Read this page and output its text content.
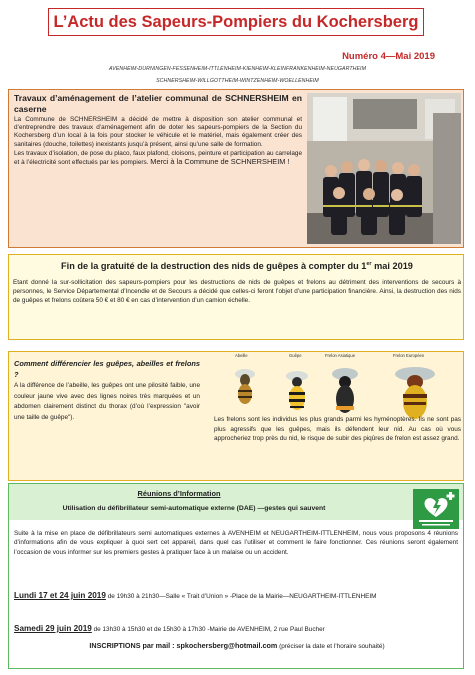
L’Actu des Sapeurs-Pompiers du Kochersberg
Numéro 4—Mai 2019
AVENHEIM-DURNINGEN-FESSENHEIM-ITTLENHEIM-KIENHEIM-KLEINFRANKENHEIM-NEUGARTHEIM
SCHNERSHEIM-WILLGOTTHEIM-WINTZENHEIM-WOELLENHEIM
Travaux d’aménagement de l’atelier communal de SCHNERSHEIM en caserne

La Commune de SCHNERSHEIM a décidé de mettre à disposition son atelier communal et d’entreprendre des travaux d’aménagement afin de doter les sapeurs-pompiers de la Section du Kochersberg d’un local à la fois pour stocker le véhicule et le matériel, mais également créer des sanitaires (douche, toilettes) inexistants jusqu’à présent, ainsi qu’une salle de formation.

Les travaux d’isolation, de pose du placo, faux plafond, cloisons, peinture et participation au carrelage et à l’électricité sont effectués par les pompiers. Merci à la Commune de SCHNERSHEIM !

Fin de la gratuité de la destruction des nids de guêpes à compter du 1er mai 2019
Etant donné la sur-sollicitation des sapeurs-pompiers pour les destructions de nids de guêpes et frelons au détriment des interventions de secours à personnes, le Service Départemental d’Incendie et de Secours a décidé que celles-ci feront l’objet d’une participation financière. Ainsi, la destruction des nids de guêpes et frelons coûtera 50 € et 80 € en cas d’intervention d’un camion échelle.
Comment différencier les guêpes, abeilles et frelons ?
A la différence de l’abeille, les guêpes ont une pilosité faible, une couleur jaune vive avec des lignes noires très marquées et un abdomen clairement distinct du thorax (d’où l’expression "avoir une taille de guêpe").
Abeille	Guêpe	Frelon Asiatique	Frelon Européen
Les frelons sont les individus les plus grands parmi les hyménoptères. Ils ne sont pas plus agressifs que les guêpes, mais ils défendent leur nid. Au cas où vous approcheriez trop près du nid, le risque de subir des piqûres de frelon est assez grand.
Réunions d’Information
Utilisation du défibrillateur semi-automatique externe (DAE) —gestes qui sauvent
Suite à la mise en place de défibrillateurs semi automatiques externes à AVENHEIM et NEUGARTHEIM-ITTLENHEIM, nous vous proposons 4 réunions d’informations afin de vous expliquer à quoi sert cet appareil, dans quel cas l’utiliser et comment le faire fonctionner. Ces réunions seront également l’occasion de vous informer sur les premiers gestes à pratiquer face à un malaise ou un accident.
Lundi 17 et 24 juin 2019 de 19h30 à 21h30—Salle « Trait d’Union » -Place de la Mairie—NEUGARTHEIM-ITTLENHEIM
Samedi 29 juin 2019 de 13h30 à 15h30 et de 15h30 à 17h30 -Mairie de AVENHEIM, 2 rue Paul Bucher
INSCRIPTIONS par mail : spkochersberg@hotmail.com (préciser la date et l’horaire souhaité)
